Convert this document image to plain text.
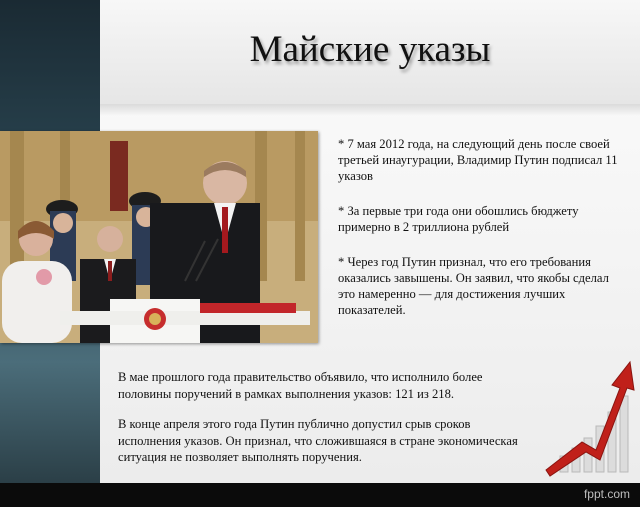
Майские указы

* 7 мая 2012 года, на следующий день после своей третьей инаугурации, Владимир Путин подписал 11 указов

* За первые три года они обошлись бюджету примерно в 2 триллиона рублей

* Через год Путин признал, что его требования оказались завышены. Он заявил, что якобы сделал это намеренно — для достижения лучших показателей.

В мае прошлого года правительство объявило, что исполнило более половины поручений в рамках выполнения указов: 121 из 218.

В конце апреля этого года Путин публично допустил срыв сроков исполнения указов. Он признал, что сложившаяся в стране экономическая ситуация не позволяет выполнять поручения.

fppt.com
